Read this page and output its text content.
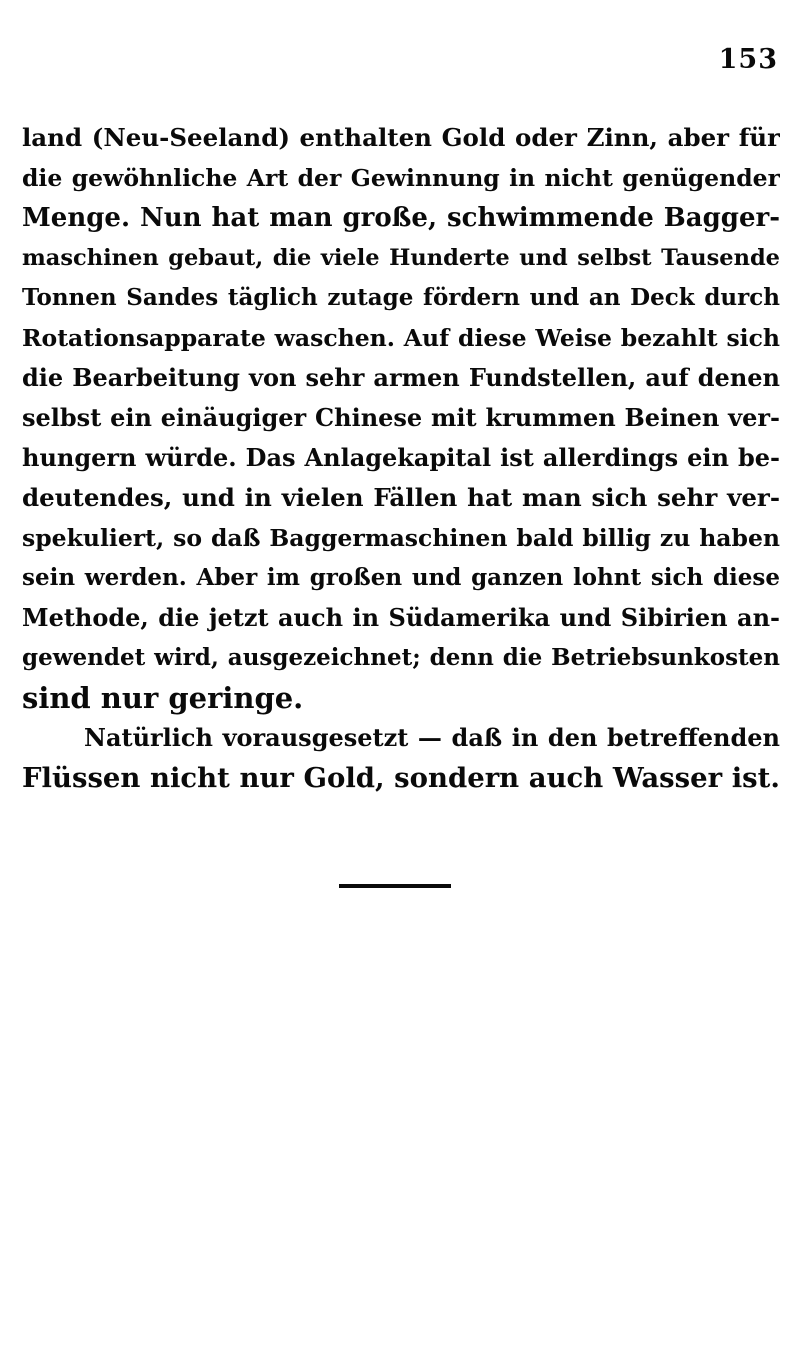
153
land (Neu-Seeland) enthalten Gold oder Zinn, aber für
die gewöhnliche Art der Gewinnung in nicht genügender
Menge. Nun hat man große, schwimmende Bagger-
maschinen gebaut, die viele Hunderte und selbst Tausende
Tonnen Sandes täglich zutage fördern und an Deck durch
Rotationsapparate waschen. Auf diese Weise bezahlt sich
die Bearbeitung von sehr armen Fundstellen, auf denen
selbst ein einäugiger Chinese mit krummen Beinen ver-
hungern würde. Das Anlagekapital ist allerdings ein be-
deutendes, und in vielen Fällen hat man sich sehr ver-
spekuliert, so daß Baggermaschinen bald billig zu haben
sein werden. Aber im großen und ganzen lohnt sich diese
Methode, die jetzt auch in Südamerika und Sibirien an-
gewendet wird, ausgezeichnet; denn die Betriebsunkosten
sind nur geringe.
Natürlich vorausgesetzt — daß in den betreffenden
Flüssen nicht nur Gold, sondern auch Wasser ist.
